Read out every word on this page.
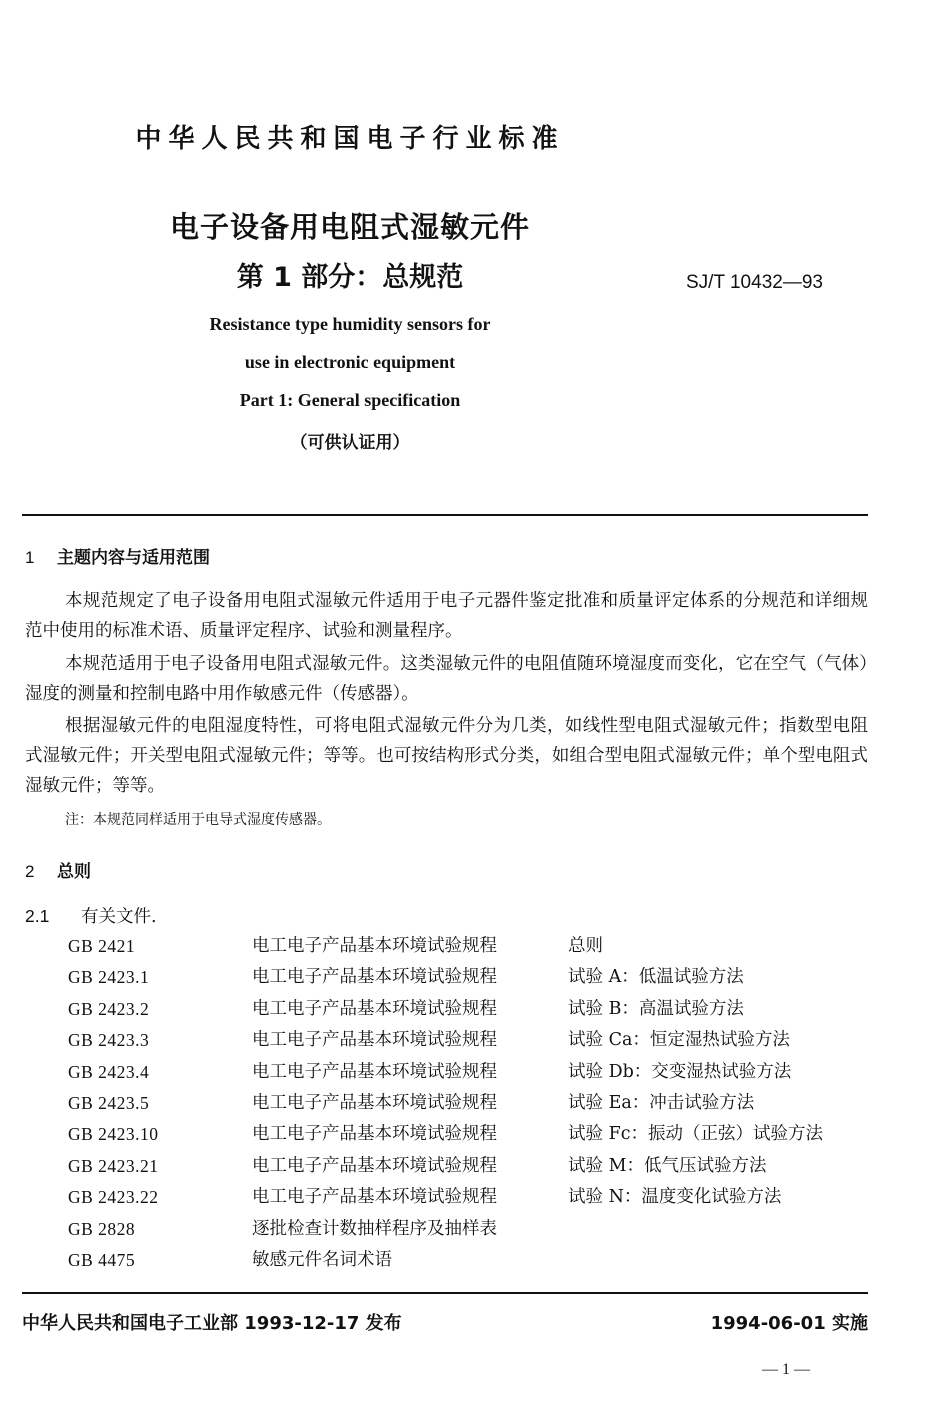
中华人民共和国电子行业标准
电子设备用电阻式湿敏元件
第 1 部分：总规范	SJ/T 10432—93
Resistance type humidity sensors for
use in electronic equipment
Part 1: General specification
（可供认证用）
1 主题内容与适用范围
本规范规定了电子设备用电阻式湿敏元件适用于电子元器件鉴定批准和质量评定体系的分规范和详细规范中使用的标准术语、质量评定程序、试验和测量程序。
本规范适用于电子设备用电阻式湿敏元件。这类湿敏元件的电阻值随环境湿度而变化，它在空气（气体）湿度的测量和控制电路中用作敏感元件（传感器）。
根据湿敏元件的电阻湿度特性，可将电阻式湿敏元件分为几类，如线性型电阻式湿敏元件；指数型电阻式湿敏元件；开关型电阻式湿敏元件；等等。也可按结构形式分类，如组合型电阻式湿敏元件；单个型电阻式湿敏元件；等等。
注：本规范同样适用于电导式湿度传感器。
2 总则
2.1 有关文件.
GB 2421	电工电子产品基本环境试验规程	总则
GB 2423.1	电工电子产品基本环境试验规程	试验 A：低温试验方法
GB 2423.2	电工电子产品基本环境试验规程	试验 B：高温试验方法
GB 2423.3	电工电子产品基本环境试验规程	试验 Ca：恒定湿热试验方法
GB 2423.4	电工电子产品基本环境试验规程	试验 Db：交变湿热试验方法
GB 2423.5	电工电子产品基本环境试验规程	试验 Ea：冲击试验方法
GB 2423.10	电工电子产品基本环境试验规程	试验 Fc：振动（正弦）试验方法
GB 2423.21	电工电子产品基本环境试验规程	试验 M：低气压试验方法
GB 2423.22	电工电子产品基本环境试验规程	试验 N：温度变化试验方法
GB 2828	逐批检查计数抽样程序及抽样表
GB 4475	敏感元件名词术语
中华人民共和国电子工业部 1993-12-17 发布	1994-06-01 实施
— 1 —
